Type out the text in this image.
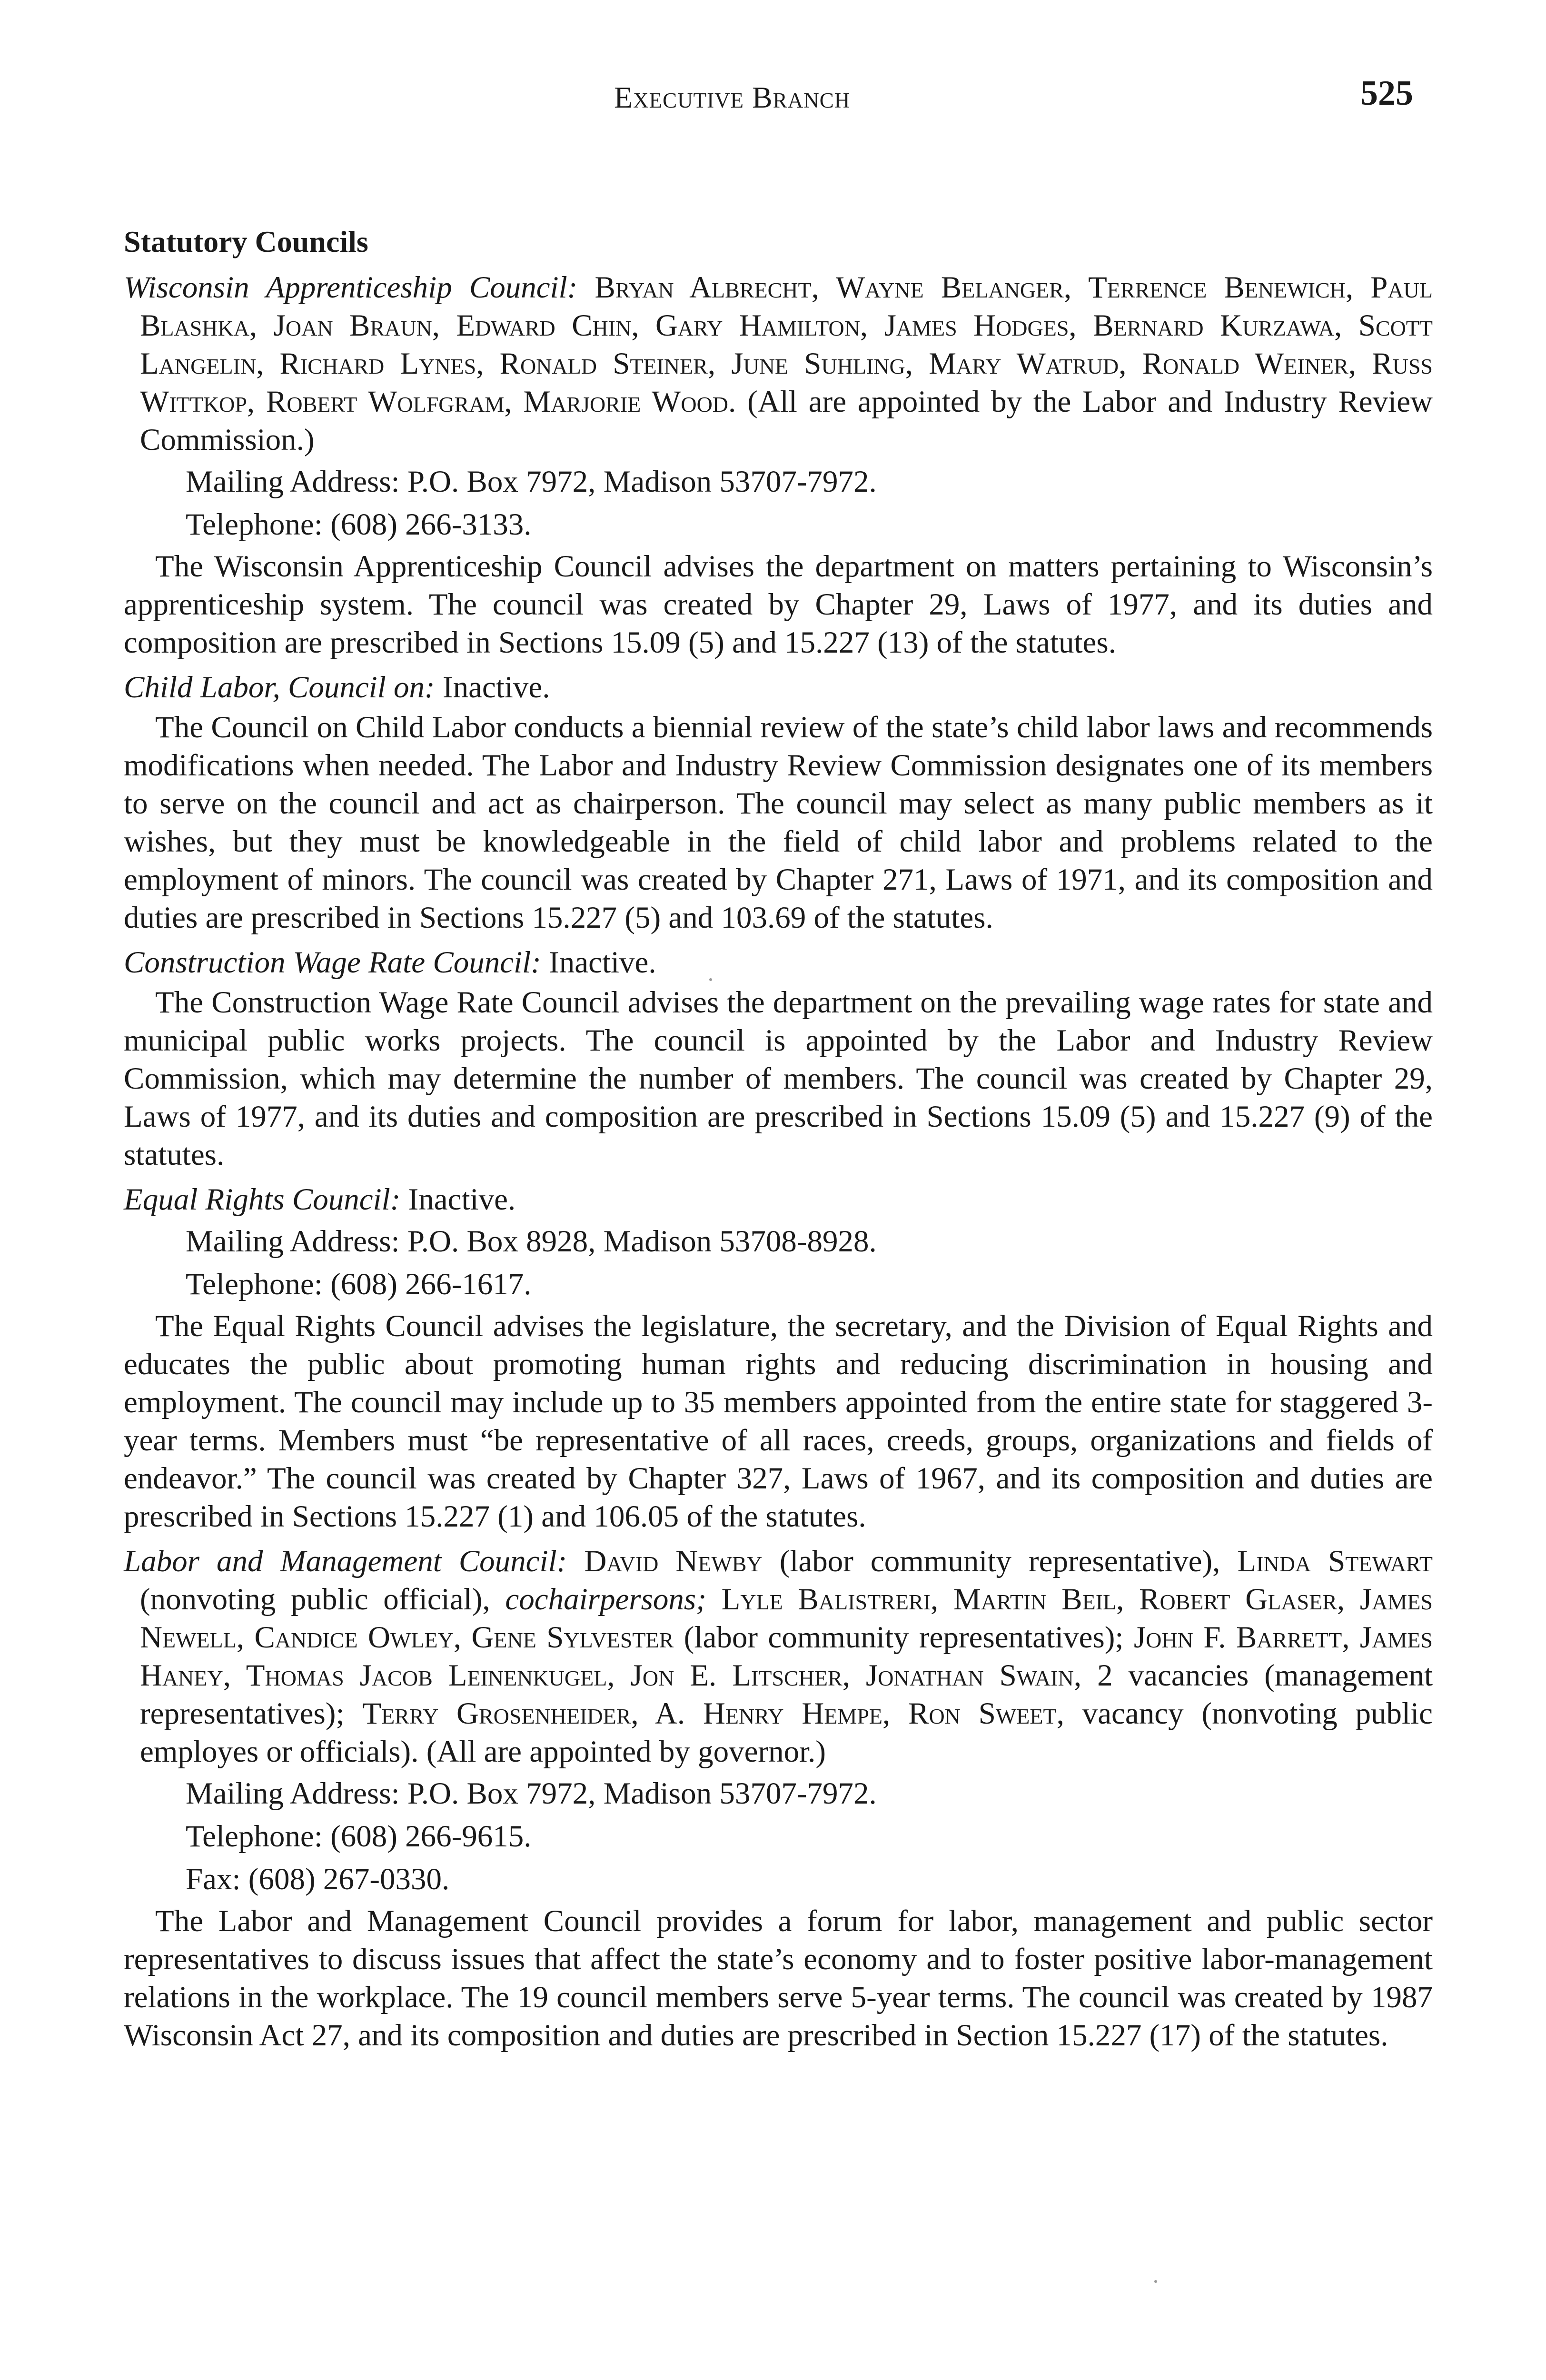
Executive Branch	525
Statutory Councils
Wisconsin Apprenticeship Council: Bryan Albrecht, Wayne Belanger, Terrence Benewich, Paul Blashka, Joan Braun, Edward Chin, Gary Hamilton, James Hodges, Bernard Kurzawa, Scott Langelin, Richard Lynes, Ronald Steiner, June Suhling, Mary Watrud, Ronald Weiner, Russ Wittkop, Robert Wolfgram, Marjorie Wood. (All are appointed by the Labor and Industry Review Commission.)
Mailing Address: P.O. Box 7972, Madison 53707-7972.
Telephone: (608) 266-3133.

The Wisconsin Apprenticeship Council advises the department on matters pertaining to Wisconsin’s apprenticeship system. The council was created by Chapter 29, Laws of 1977, and its duties and composition are prescribed in Sections 15.09 (5) and 15.227 (13) of the statutes.

Child Labor, Council on: Inactive.

The Council on Child Labor conducts a biennial review of the state’s child labor laws and recommends modifications when needed. The Labor and Industry Review Commission designates one of its members to serve on the council and act as chairperson. The council may select as many public members as it wishes, but they must be knowledgeable in the field of child labor and problems related to the employment of minors. The council was created by Chapter 271, Laws of 1971, and its composition and duties are prescribed in Sections 15.227 (5) and 103.69 of the statutes.

Construction Wage Rate Council: Inactive.

The Construction Wage Rate Council advises the department on the prevailing wage rates for state and municipal public works projects. The council is appointed by the Labor and Industry Review Commission, which may determine the number of members. The council was created by Chapter 29, Laws of 1977, and its duties and composition are prescribed in Sections 15.09 (5) and 15.227 (9) of the statutes.

Equal Rights Council: Inactive.
Mailing Address: P.O. Box 8928, Madison 53708-8928.
Telephone: (608) 266-1617.

The Equal Rights Council advises the legislature, the secretary, and the Division of Equal Rights and educates the public about promoting human rights and reducing discrimination in housing and employment. The council may include up to 35 members appointed from the entire state for staggered 3-year terms. Members must “be representative of all races, creeds, groups, organizations and fields of endeavor.” The council was created by Chapter 327, Laws of 1967, and its composition and duties are prescribed in Sections 15.227 (1) and 106.05 of the statutes.

Labor and Management Council: David Newby (labor community representative), Linda Stewart (nonvoting public official), cochairpersons; Lyle Balistreri, Martin Beil, Robert Glaser, James Newell, Candice Owley, Gene Sylvester (labor community representatives); John F. Barrett, James Haney, Thomas Jacob Leinenkugel, Jon E. Litscher, Jonathan Swain, 2 vacancies (management representatives); Terry Grosenheider, A. Henry Hempe, Ron Sweet, vacancy (nonvoting public employes or officials). (All are appointed by governor.)
Mailing Address: P.O. Box 7972, Madison 53707-7972.
Telephone: (608) 266-9615.
Fax: (608) 267-0330.

The Labor and Management Council provides a forum for labor, management and public sector representatives to discuss issues that affect the state’s economy and to foster positive labor-management relations in the workplace. The 19 council members serve 5-year terms. The council was created by 1987 Wisconsin Act 27, and its composition and duties are prescribed in Section 15.227 (17) of the statutes.
